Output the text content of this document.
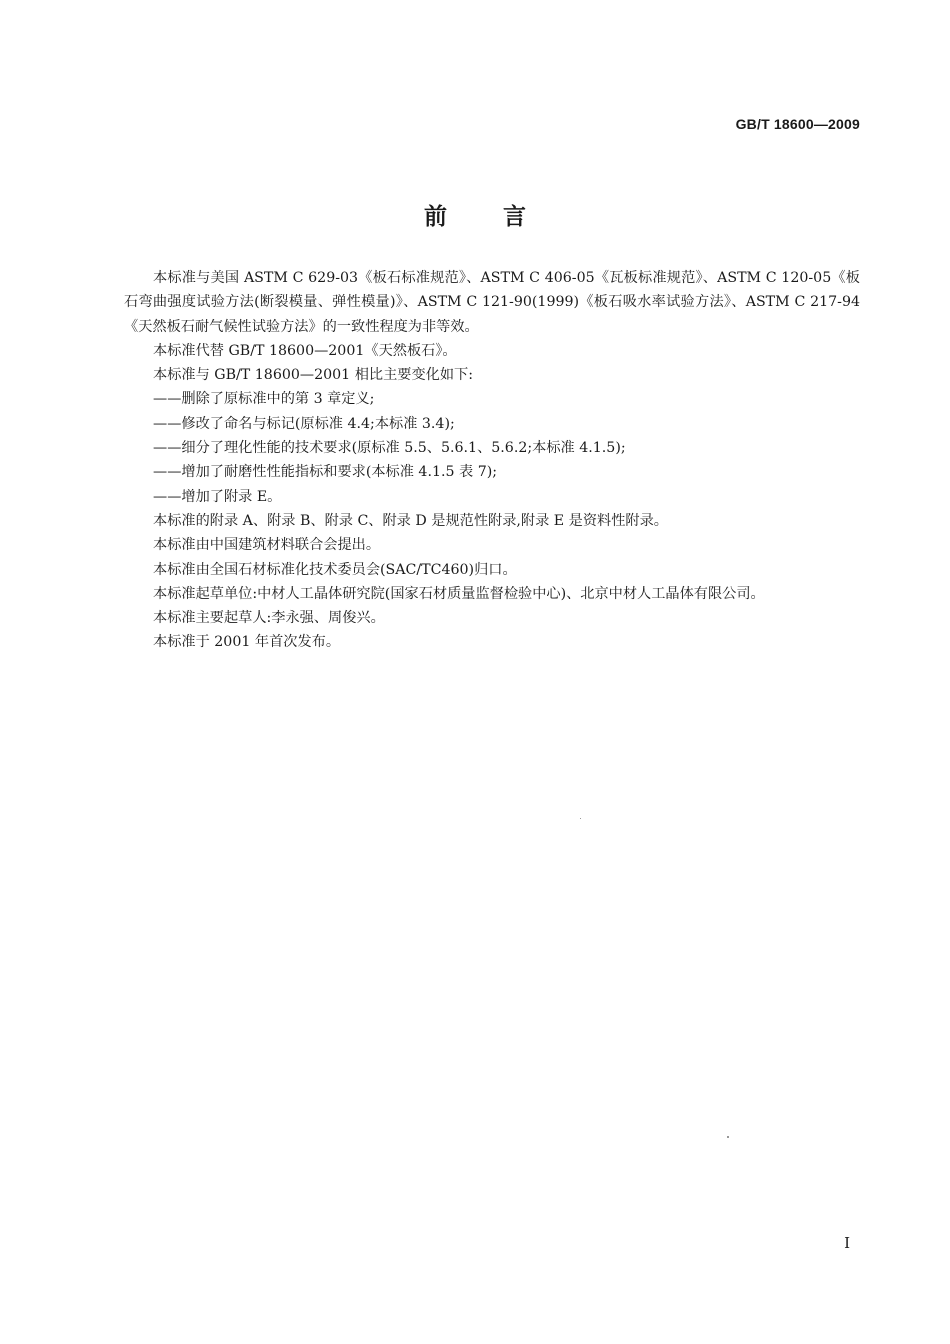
GB/T 18600—2009
前言

本标准与美国 ASTM C 629-03《板石标准规范》、ASTM C 406-05《瓦板标准规范》、ASTM C 120-05《板石弯曲强度试验方法(断裂模量、弹性模量)》、ASTM C 121-90(1999)《板石吸水率试验方法》、ASTM C 217-94《天然板石耐气候性试验方法》的一致性程度为非等效。

本标准代替 GB/T 18600—2001《天然板石》。

本标准与 GB/T 18600—2001 相比主要变化如下:

——删除了原标准中的第 3 章定义;

——修改了命名与标记(原标准 4.4;本标准 3.4);

——细分了理化性能的技术要求(原标准 5.5、5.6.1、5.6.2;本标准 4.1.5);

——增加了耐磨性性能指标和要求(本标准 4.1.5 表 7);

——增加了附录 E。

本标准的附录 A、附录 B、附录 C、附录 D 是规范性附录,附录 E 是资料性附录。

本标准由中国建筑材料联合会提出。

本标准由全国石材标准化技术委员会(SAC/TC460)归口。

本标准起草单位:中材人工晶体研究院(国家石材质量监督检验中心)、北京中材人工晶体有限公司。

本标准主要起草人:李永强、周俊兴。

本标准于 2001 年首次发布。

I
